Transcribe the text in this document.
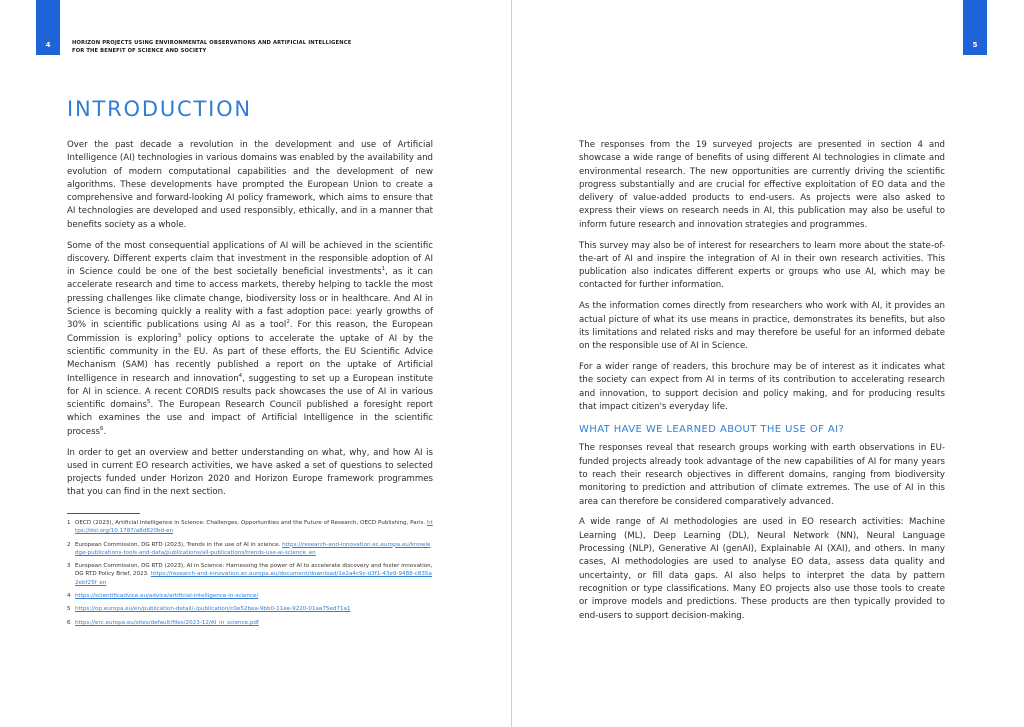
4	5
HORIZON PROJECTS USING ENVIRONMENTAL OBSERVATIONS AND ARTIFICIAL INTELLIGENCE
FOR THE BENEFIT OF SCIENCE AND SOCIETY
INTRODUCTION

Over the past decade a revolution in the development and use of Artificial Intelligence (AI) technologies in various domains was enabled by the availability and evolution of modern computational capabilities and the development of new algorithms. These developments have prompted the European Union to create a comprehensive and forward-looking AI policy framework, which aims to ensure that AI technologies are developed and used responsibly, ethically, and in a manner that benefits society as a whole.

Some of the most consequential applications of AI will be achieved in the scientific discovery. Different experts claim that investment in the responsible adoption of AI in Science could be one of the best societally beneficial investments$^1$, as it can accelerate research and time to access markets, thereby helping to tackle the most pressing challenges like climate change, biodiversity loss or in healthcare. And AI in Science is becoming quickly a reality with a fast adoption pace: yearly growths of 30% in scientific publications using AI as a tool$^2$. For this reason, the European Commission is exploring$^3$ policy options to accelerate the uptake of AI by the scientific community in the EU. As part of these efforts, the EU Scientific Advice Mechanism (SAM) has recently published a report on the uptake of Artificial Intelligence in research and innovation$^4$, suggesting to set up a European institute for AI in science. A recent CORDIS results pack showcases the use of AI in various scientific domains$^5$. The European Research Council published a foresight report which examines the use and impact of Artificial Intelligence in the scientific process$^6$.

In order to get an overview and better understanding on what, why, and how AI is used in current EO research activities, we have asked a set of questions to selected projects funded under Horizon 2020 and Horizon Europe framework programmes that you can find in the next section.

1 OECD (2023), Artificial Intelligence in Science: Challenges, Opportunities and the Future of Research, OECD Publishing, Paris. https://doi.org/10.1787/a8d820bd-en
2 European Commission, DG RTD (2023), Trends in the use of AI in science. https://research-and-innovation.ec.europa.eu/knowledge-publications-tools-and-data/publications/all-publications/trends-use-ai-science_en
3 European Commission, DG RTD (2023), AI in Science: Harnessing the power of AI to accelerate discovery and foster innovation, DG RTD Policy Brief, 2023. https://research-and-innovation.ec.europa.eu/document/download/1e2a4c9c-d3f1-43e9-9488-c835a2ebf25f_en
4 https://scientificadvice.eu/advice/artificial-intelligence-in-science/
5 https://op.europa.eu/en/publication-detail/-/publication/c0e52bea-9bb0-11ee-9220-01aa75ed71a1
6 https://erc.europa.eu/sites/default/files/2023-12/AI_in_science.pdf

The responses from the 19 surveyed projects are presented in section 4 and showcase a wide range of benefits of using different AI technologies in climate and environmental research. The new opportunities are currently driving the scientific progress substantially and are crucial for effective exploitation of EO data and the delivery of value-added products to end-users. As projects were also asked to express their views on research needs in AI, this publication may also be useful to inform future research and innovation strategies and programmes.

This survey may also be of interest for researchers to learn more about the state-of-the-art of AI and inspire the integration of AI in their own research activities. This publication also indicates different experts or groups who use AI, which may be contacted for further information.

As the information comes directly from researchers who work with AI, it provides an actual picture of what its use means in practice, demonstrates its benefits, but also its limitations and related risks and may therefore be useful for an informed debate on the responsible use of AI in Science.

For a wider range of readers, this brochure may be of interest as it indicates what the society can expect from AI in terms of its contribution to accelerating research and innovation, to support decision and policy making, and for producing results that impact citizen's everyday life.

WHAT HAVE WE LEARNED ABOUT THE USE OF AI?

The responses reveal that research groups working with earth observations in EU-funded projects already took advantage of the new capabilities of AI for many years to reach their research objectives in different domains, ranging from biodiversity monitoring to prediction and attribution of climate extremes. The use of AI in this area can therefore be considered comparatively advanced.

A wide range of AI methodologies are used in EO research activities: Machine Learning (ML), Deep Learning (DL), Neural Network (NN), Neural Language Processing (NLP), Generative AI (genAI), Explainable AI (XAI), and others. In many cases, AI methodologies are used to analyse EO data, assess data quality and uncertainty, or fill data gaps. AI also helps to interpret the data by pattern recognition or type classifications. Many EO projects also use those tools to create or improve models and predictions. These products are then typically provided to end-users to support decision-making.
